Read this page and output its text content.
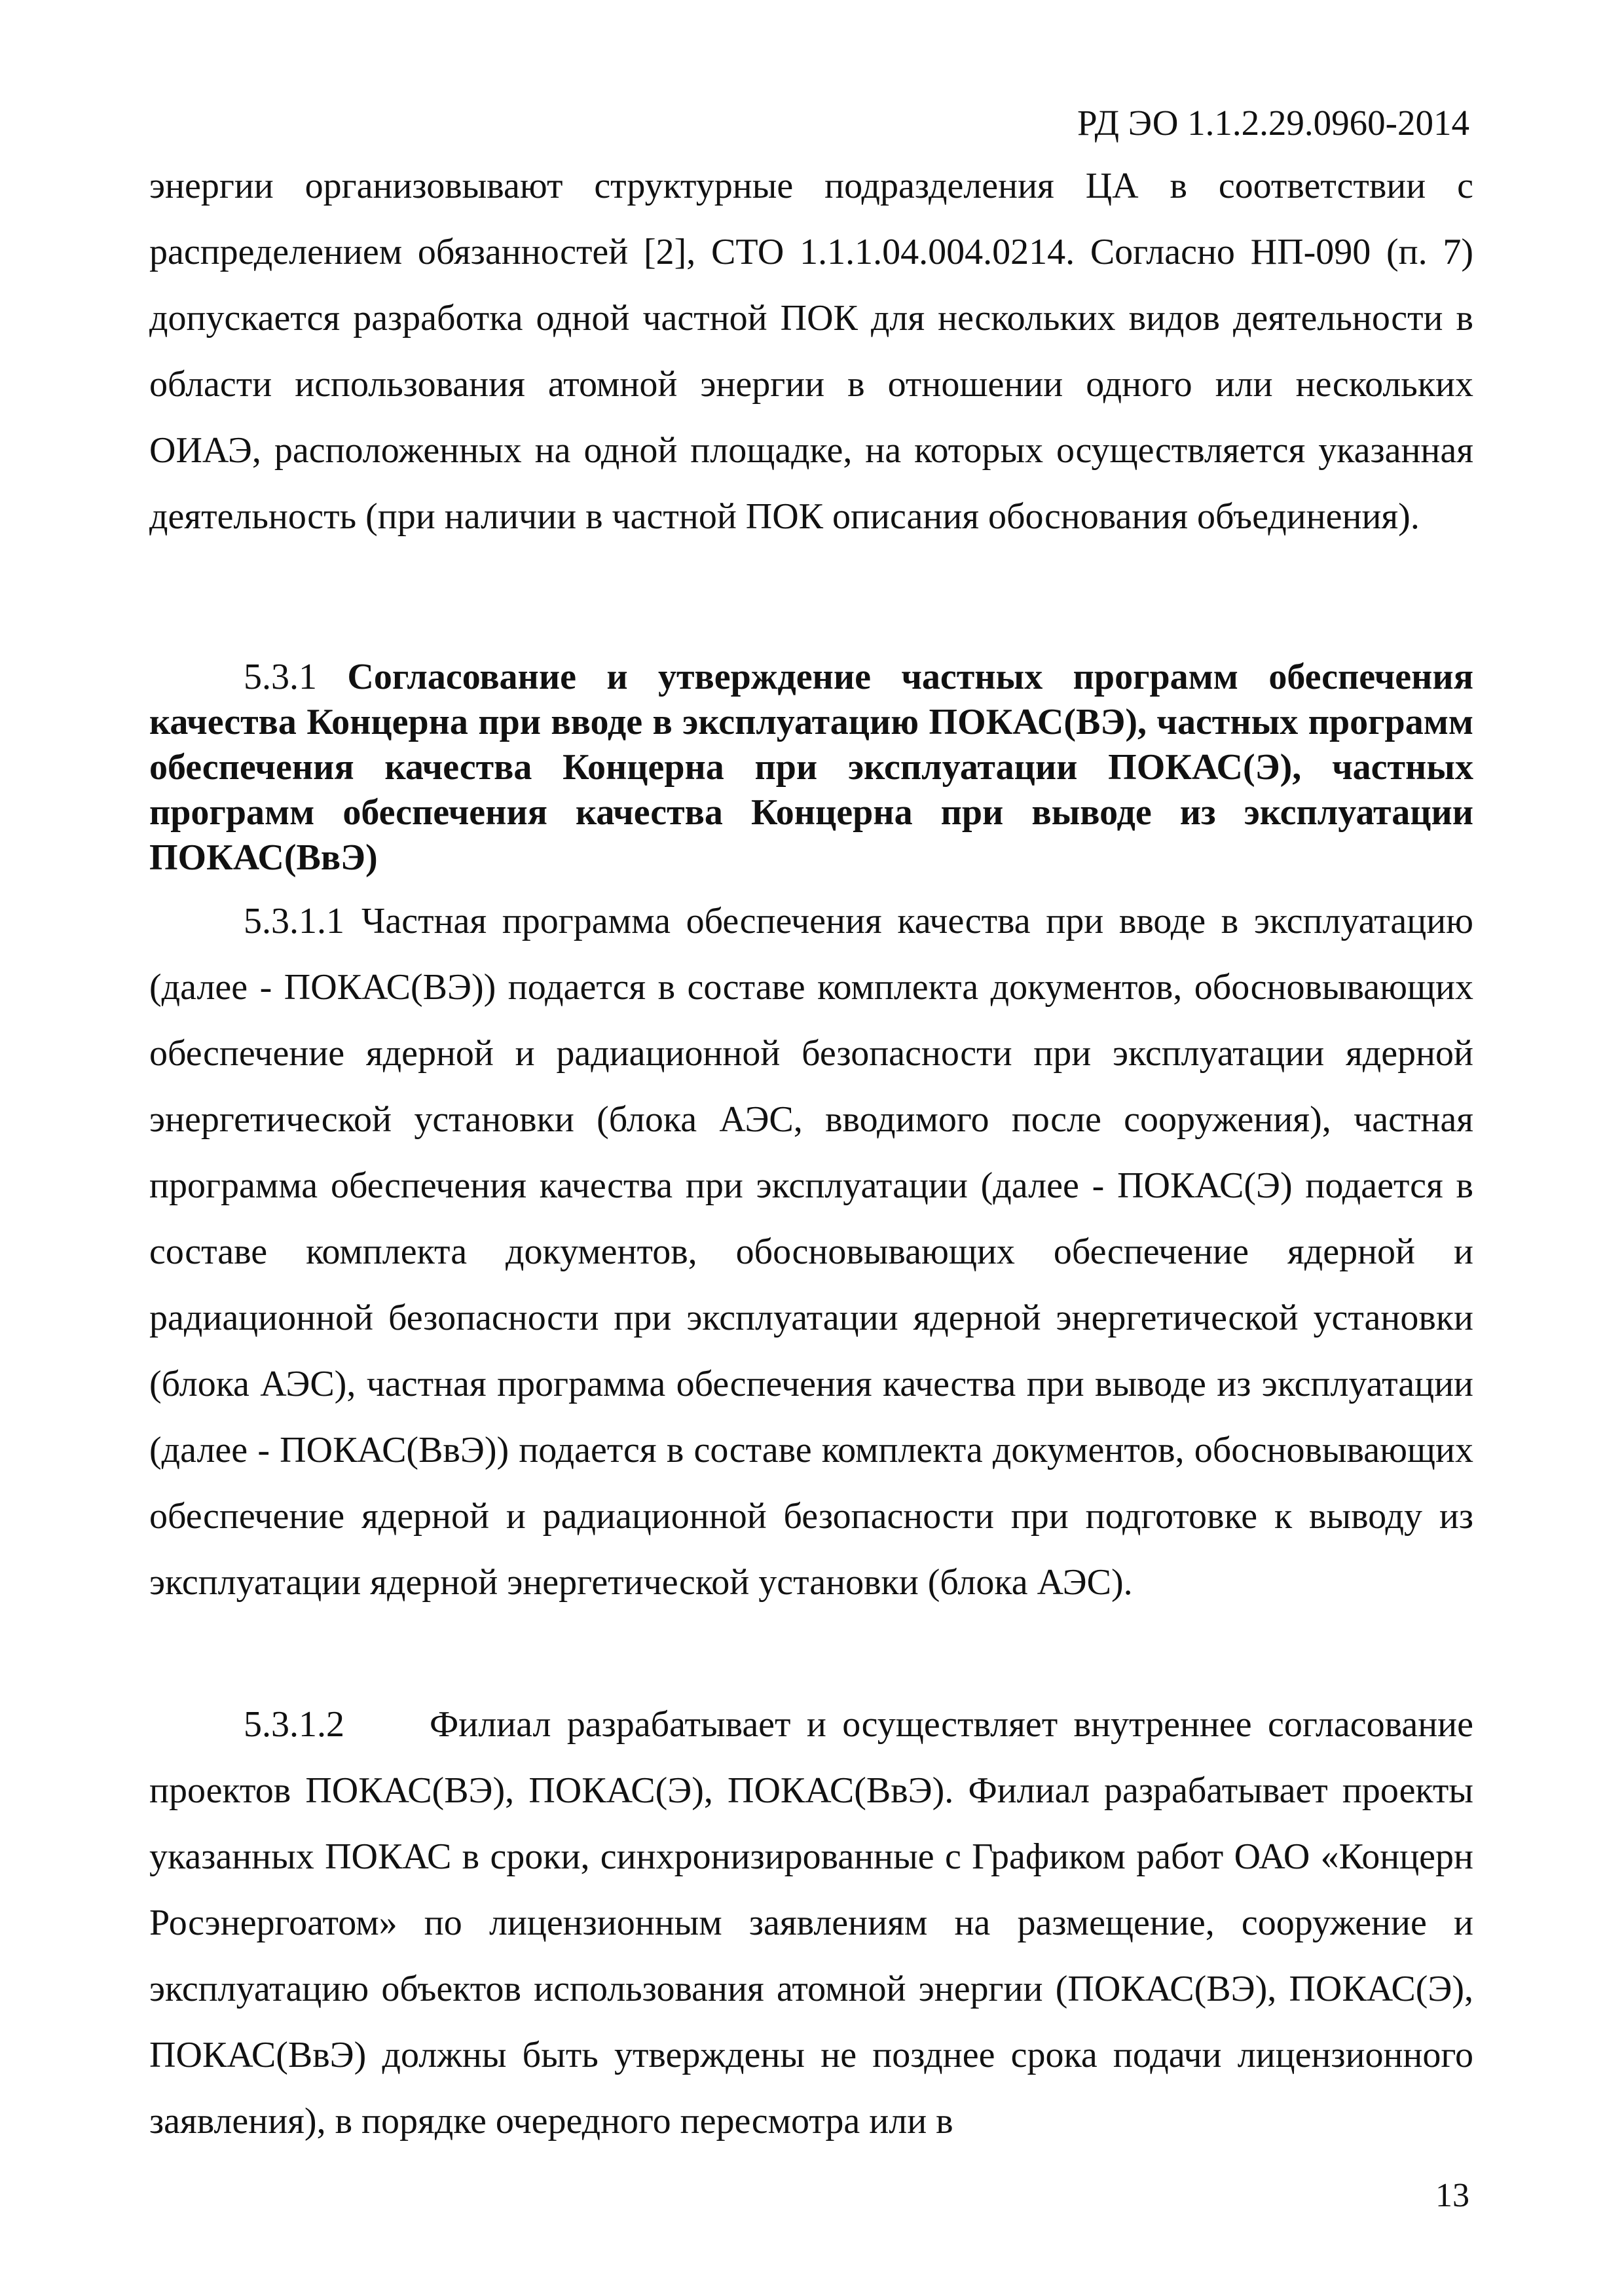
РД ЭО 1.1.2.29.0960-2014

энергии организовывают структурные подразделения ЦА в соответствии с распределением обязанностей [2], СТО 1.1.1.04.004.0214. Согласно НП-090 (п. 7) допускается разработка одной частной ПОК для нескольких видов деятельности в области использования атомной энергии в отношении одного или нескольких ОИАЭ, расположенных на одной площадке, на которых осуществляется указанная деятельность (при наличии в частной ПОК описания обоснования объединения).

5.3.1 Согласование и утверждение частных программ обеспечения качества Концерна при вводе в эксплуатацию ПОКАС(ВЭ), частных программ обеспечения качества Концерна при эксплуатации ПОКАС(Э), частных программ обеспечения качества Концерна при выводе из эксплуатации ПОКАС(ВвЭ)

5.3.1.1 Частная программа обеспечения качества при вводе в эксплуатацию (далее - ПОКАС(ВЭ)) подается в составе комплекта документов, обосновывающих обеспечение ядерной и радиационной безопасности при эксплуатации ядерной энергетической установки (блока АЭС, вводимого после сооружения), частная программа обеспечения качества при эксплуатации (далее - ПОКАС(Э) подается в составе комплекта документов, обосновывающих обеспечение ядерной и радиационной безопасности при эксплуатации ядерной энергетической установки (блока АЭС), частная программа обеспечения качества при выводе из эксплуатации (далее - ПОКАС(ВвЭ)) подается в составе комплекта документов, обосновывающих обеспечение ядерной и радиационной безопасности при подготовке к выводу из эксплуатации ядерной энергетической установки (блока АЭС).

5.3.1.2 Филиал разрабатывает и осуществляет внутреннее согласование проектов ПОКАС(ВЭ), ПОКАС(Э), ПОКАС(ВвЭ). Филиал разрабатывает проекты указанных ПОКАС в сроки, синхронизированные с Графиком работ ОАО «Концерн Росэнергоатом» по лицензионным заявлениям на размещение, сооружение и эксплуатацию объектов использования атомной энергии (ПОКАС(ВЭ), ПОКАС(Э), ПОКАС(ВвЭ) должны быть утверждены не позднее срока подачи лицензионного заявления), в порядке очередного пересмотра или в

13
